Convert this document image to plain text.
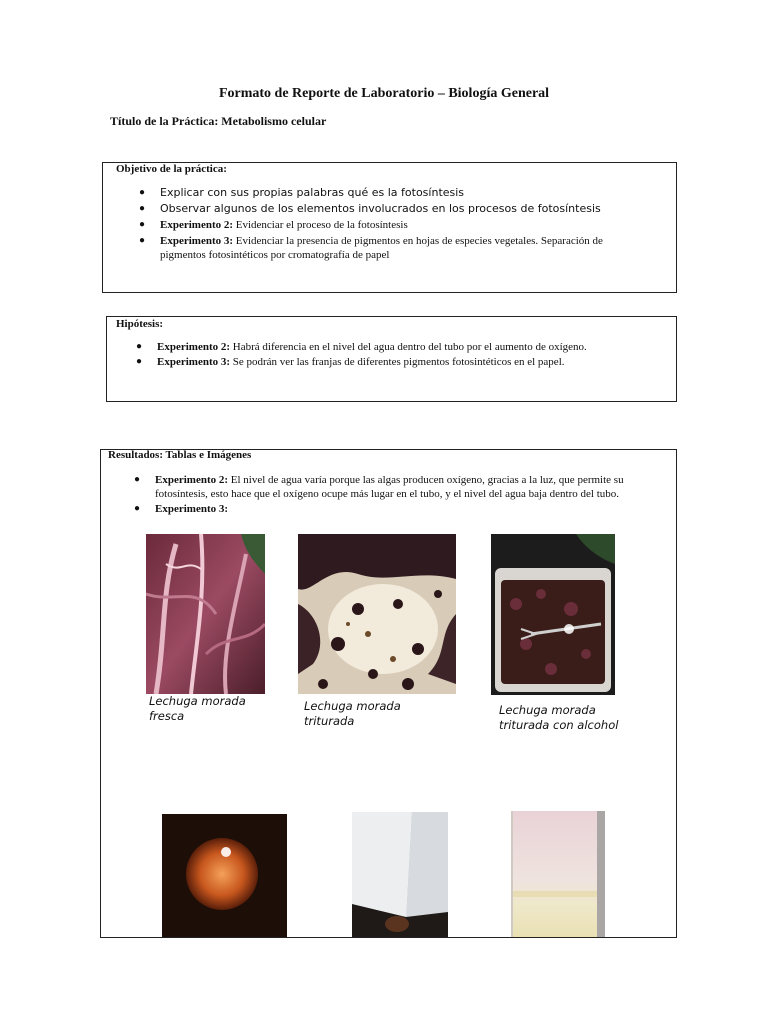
Formato de Reporte de Laboratorio – Biología General
Título de la Práctica: Metabolismo celular
Objetivo de la práctica:
● Explicar con sus propias palabras qué es la fotosíntesis
● Observar algunos de los elementos involucrados en los procesos de fotosíntesis
● Experimento 2: Evidenciar el proceso de la fotosíntesis
● Experimento 3: Evidenciar la presencia de pigmentos en hojas de especies vegetales. Separación de pigmentos fotosintéticos por cromatografía de papel
Hipótesis:
● Experimento 2: Habrá diferencia en el nivel del agua dentro del tubo por el aumento de oxígeno.
● Experimento 3: Se podrán ver las franjas de diferentes pigmentos fotosintéticos en el papel.
Resultados: Tablas e Imágenes
● Experimento 2: El nivel de agua varía porque las algas producen oxígeno, gracias a la luz, que permite su fotosíntesis, esto hace que el oxígeno ocupe más lugar en el tubo, y el nivel del agua baja dentro del tubo.
● Experimento 3:
Lechuga morada fresca
Lechuga morada triturada
Lechuga morada triturada con alcohol
